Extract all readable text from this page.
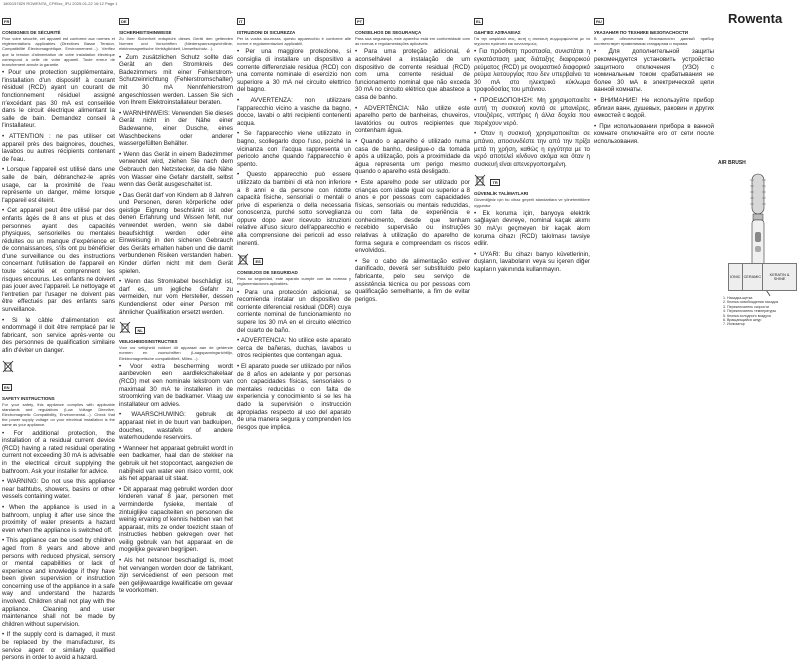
1800157829 ROWENTA_CF95xx_IFU 2025-01-22 16:12 Page 1
Rowenta
AIR BRUSH
FR
CONSIGNES DE SÉCURITÉ

Pour votre sécurité, cet appareil est conforme aux normes et réglementations applicables (Directives Basse Tension, Compatibilité Électromagnétique, Environnement…). Vérifiez que la tension d'alimentation de votre installation électrique correspond à celle de votre appareil. Toute erreur de branchement annule la garantie.

• Pour une protection supplémentaire, l'installation d'un dispositif à courant résiduel (RCD) ayant un courant de fonctionnement résiduel assigné n'excédant pas 30 mA est conseillée dans le circuit électrique alimentant la salle de bain. Demandez conseil à l'installateur.

• ATTENTION : ne pas utiliser cet appareil près des baignoires, douches, lavabos ou autres récipients contenant de l'eau.

• Lorsque l'appareil est utilisé dans une salle de bain, débranchez-le après usage, car la proximité de l'eau représente un danger, même lorsque l'appareil est éteint.

• Cet appareil peut être utilisé par des enfants âgés de 8 ans et plus et des personnes ayant des capacités physiques, sensorielles ou mentales réduites ou un manque d'expérience et de connaissances, s'ils ont pu bénéficier d'une surveillance ou des instructions concernant l'utilisation de l'appareil en toute sécurité et comprennent les risques encourus. Les enfants ne doivent pas jouer avec l'appareil. Le nettoyage et l'entretien par l'usager ne doivent pas être effectués par des enfants sans surveillance.

• Si le câble d'alimentation est endommagé il doit être remplacé par le fabricant, son service après-vente ou des personnes de qualification similaire afin d'éviter un danger.

EN
SAFETY INSTRUCTIONS

For your safety, this appliance complies with applicable standards and regulations (Low Voltage Directive, Electromagnetic Compatibility, Environmental…). Check that the power supply voltage on your electrical installation is the same as your appliance.

• For additional protection, the installation of a residual current device (RCD) having a rated residual operating current not exceeding 30 mA is advisable in the electrical circuit supplying the bathroom. Ask your installer for advice.

• WARNING: Do not use this appliance near bathtubs, showers, basins or other vessels containing water.

• When the appliance is used in a bathroom, unplug it after use since the proximity of water presents a hazard even when the appliance is switched off.

• This appliance can be used by children aged from 8 years and above and persons with reduced physical, sensory or mental capabilities or lack of experience and knowledge if they have been given supervision or instruction concerning use of the appliance in a safe way and understand the hazards involved. Children shall not play with the appliance. Cleaning and user maintenance shall not be made by children without supervision.

• If the supply cord is damaged, it must be replaced by the manufacturer, its service agent or similarly qualified persons in order to avoid a hazard.

DE
SICHERHEITSHINWEISE

Zu Ihrer Sicherheit entspricht dieses Gerät den geltenden Normen und Vorschriften (Niederspannungsrichtlinie, elektromagnetische Verträglichkeit, Umweltschutz…).

• Zum zusätzlichen Schutz sollte das Gerät an den Stromkreis des Badezimmers mit einer Fehlerstrom-Schutzeinrichtung (Fehlerstromschalter) mit 30 mA Nennfehlerstrom angeschlossen werden. Lassen Sie sich von Ihrem Elektroinstallateur beraten.

• WARNHINWEIS: Verwenden Sie dieses Gerät nicht in der Nähe einer Badewanne, einer Dusche, eines Waschbeckens oder anderer wassergefüllten Behälter.

• Wenn das Gerät in einem Badezimmer verwendet wird, ziehen Sie nach dem Gebrauch den Netzstecker, da die Nähe von Wasser eine Gefahr darstellt, selbst wenn das Gerät ausgeschaltet ist.

• Das Gerät darf von Kindern ab 8 Jahren und Personen, deren körperliche oder geistige Eignung beschränkt ist oder denen Erfahrung und Wissen fehlt, nur verwendet werden, wenn sie dabei beaufsichtigt werden oder eine Einweisung in den sicheren Gebrauch des Geräts erhalten haben und die damit verbundenen Risiken verstanden haben. Kinder dürfen nicht mit dem Gerät spielen.

• Wenn das Stromkabel beschädigt ist, darf es, um jegliche Gefahr zu vermeiden, nur vom Hersteller, dessen Kundendienst oder einer Person mit ähnlicher Qualifikation ersetzt werden.

NL
VEILIGHEIDSINSTRUCTIES

Voor uw veiligheid voldoet dit apparaat aan de geldende normen en voorschriften (Laagspanningsrichtlijn, Elektromagnetische compatibiliteit, Milieu…).

• Voor extra bescherming wordt aanbevolen een aardlekschakelaar (RCD) met een nominale lekstroom van maximaal 30 mA te installeren in de stroomkring van de badkamer. Vraag uw installateur om advies.

• WAARSCHUWING: gebruik dit apparaat niet in de buurt van badkuipen, douches, wastafels of andere waterhoudende reservoirs.

• Wanneer het apparaat gebruikt wordt in een badkamer, haal dan de stekker na gebruik uit het stopcontact, aangezien de nabijheid van water een risico vormt, ook als het apparaat uit staat.

• Dit apparaat mag gebruikt worden door kinderen vanaf 8 jaar, personen met verminderde fysieke, mentale of zintuiglijke capaciteiten en personen die weinig ervaring of kennis hebben van het apparaat, mits ze onder toezicht staan of instructies hebben gekregen over het veilig gebruik van het apparaat en de mogelijke gevaren begrijpen.

• Als het netsnoer beschadigd is, moet het vervangen worden door de fabrikant, zijn servicedienst of een persoon met een gelijkwaardige kwalificatie om gevaar te voorkomen.

IT
ISTRUZIONI DI SICUREZZA

Per la vostra sicurezza, questo apparecchio è conforme alle norme e regolamentazioni applicabili.

• Per una maggiore protezione, si consiglia di installare un dispositivo a corrente differenziale residua (RCD) con una corrente nominale di esercizio non superiore a 30 mA nel circuito elettrico del bagno.

• AVVERTENZA: non utilizzare l'apparecchio vicino a vasche da bagno, docce, lavabi o altri recipienti contenenti acqua.

• Se l'apparecchio viene utilizzato in bagno, scollegarlo dopo l'uso, poiché la vicinanza con l'acqua rappresenta un pericolo anche quando l'apparecchio è spento.

• Questo apparecchio può essere utilizzato da bambini di età non inferiore a 8 anni e da persone con ridotte capacità fisiche, sensoriali o mentali o prive di esperienza o della necessaria conoscenza, purché sotto sorveglianza oppure dopo aver ricevuto istruzioni relative all'uso sicuro dell'apparecchio e alla comprensione dei pericoli ad esso inerenti.

ES
CONSEJOS DE SEGURIDAD

Para su seguridad, este aparato cumple con las normas y reglamentaciones aplicables.

• Para una protección adicional, se recomienda instalar un dispositivo de corriente diferencial residual (DDR) cuya corriente nominal de funcionamiento no supere los 30 mA en el circuito eléctrico del cuarto de baño.

• ADVERTENCIA: No utilice este aparato cerca de bañeras, duchas, lavabos u otros recipientes que contengan agua.

• El aparato puede ser utilizado por niños de 8 años en adelante y por personas con capacidades físicas, sensoriales o mentales reducidas o con falta de experiencia y conocimiento si se les ha dado la supervisión o instrucción apropiadas respecto al uso del aparato de una manera segura y comprenden los riesgos que implica.

PT
CONSELHOS DE SEGURANÇA

Para sua segurança, este aparelho está em conformidade com as normas e regulamentações aplicáveis.

• Para uma proteção adicional, é aconselhável a instalação de um dispositivo de corrente residual (RCD) com uma corrente residual de funcionamento nominal que não exceda 30 mA no circuito elétrico que abastece a casa de banho.

• ADVERTÊNCIA: Não utilize este aparelho perto de banheiras, chuveiros, lavatórios ou outros recipientes que contenham água.

• Quando o aparelho é utilizado numa casa de banho, desligue-o da tomada após a utilização, pois a proximidade da água representa um perigo mesmo quando o aparelho está desligado.

• Este aparelho pode ser utilizado por crianças com idade igual ou superior a 8 anos e por pessoas com capacidades físicas, sensoriais ou mentais reduzidas, ou com falta de experiência e conhecimento, desde que tenham recebido supervisão ou instruções relativas à utilização do aparelho de forma segura e compreendam os riscos envolvidos.

• Se o cabo de alimentação estiver danificado, deverá ser substituído pelo fabricante, pelo seu serviço de assistência técnica ou por pessoas com qualificação semelhante, a fim de evitar perigos.

EL
ΟΔΗΓΙΕΣ ΑΣΦΑΛΕΙΑΣ

Για την ασφάλειά σας, αυτή η συσκευή συμμορφώνεται με τα ισχύοντα πρότυπα και κανονισμούς.

• Για πρόσθετη προστασία, συνιστάται η εγκατάσταση μιας διάταξης διαφορικού ρεύματος (RCD) με ονομαστικό διαφορικό ρεύμα λειτουργίας που δεν υπερβαίνει τα 30 mA στο ηλεκτρικό κύκλωμα τροφοδοσίας του μπάνιου.

• ΠΡΟΕΙΔΟΠΟΙΗΣΗ: Μη χρησιμοποιείτε αυτή τη συσκευή κοντά σε μπανιέρες, ντουζιέρες, νιπτήρες ή άλλα δοχεία που περιέχουν νερό.

• Όταν η συσκευή χρησιμοποιείται σε μπάνιο, αποσυνδέστε την από την πρίζα μετά τη χρήση, καθώς η εγγύτητα με το νερό αποτελεί κίνδυνο ακόμα και όταν η συσκευή είναι απενεργοποιημένη.

TR
GÜVENLİK TALİMATLARI

Güvenliğiniz için bu cihaz geçerli standartlara ve yönetmeliklere uygundur.

• Ek koruma için, banyoya elektrik sağlayan devreye, nominal kaçak akımı 30 mA'yı geçmeyen bir kaçak akım koruma cihazı (RCD) takılması tavsiye edilir.

• UYARI: Bu cihazı banyo küvetlerinin, duşların, lavaboların veya su içeren diğer kapların yakınında kullanmayın.

RU
УКАЗАНИЯ ПО ТЕХНИКЕ БЕЗОПАСНОСТИ

В целях обеспечения безопасности данный прибор соответствует применимым стандартам и нормам.

• Для дополнительной защиты рекомендуется установить устройство защитного отключения (УЗО) с номинальным током срабатывания не более 30 мА в электрической цепи ванной комнаты.

• ВНИМАНИЕ! Не используйте прибор вблизи ванн, душевых, раковин и других емкостей с водой.

• При использовании прибора в ванной комнате отключайте его от сети после использования.

IONIC	CERAMIC	KERATIN & SHINE
1. Насадка-щетка
2. Кнопка освобождения насадок
3. Переключатель скорости
4. Переключатель температуры
5. Кнопка холодного воздуха
6. Вращающийся шнур
7. Ионизатор
